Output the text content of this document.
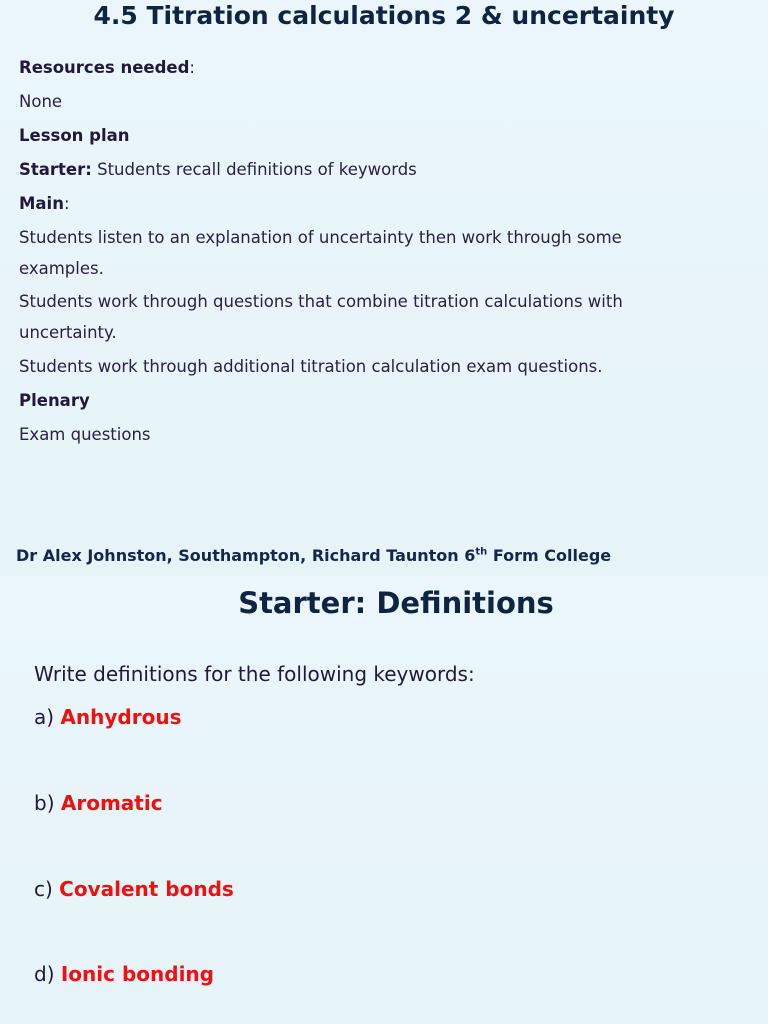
4.5 Titration calculations 2 & uncertainty
Resources needed:
None
Lesson plan
Starter: Students recall definitions of keywords
Main:
Students listen to an explanation of uncertainty then work through some examples.
Students work through questions that combine titration calculations with uncertainty.
Students work through additional titration calculation exam questions.
Plenary
Exam questions
Dr Alex Johnston, Southampton, Richard Taunton 6th Form College
Starter: Definitions
Write definitions for the following keywords:
a) Anhydrous
b) Aromatic
c) Covalent bonds
d) Ionic bonding
